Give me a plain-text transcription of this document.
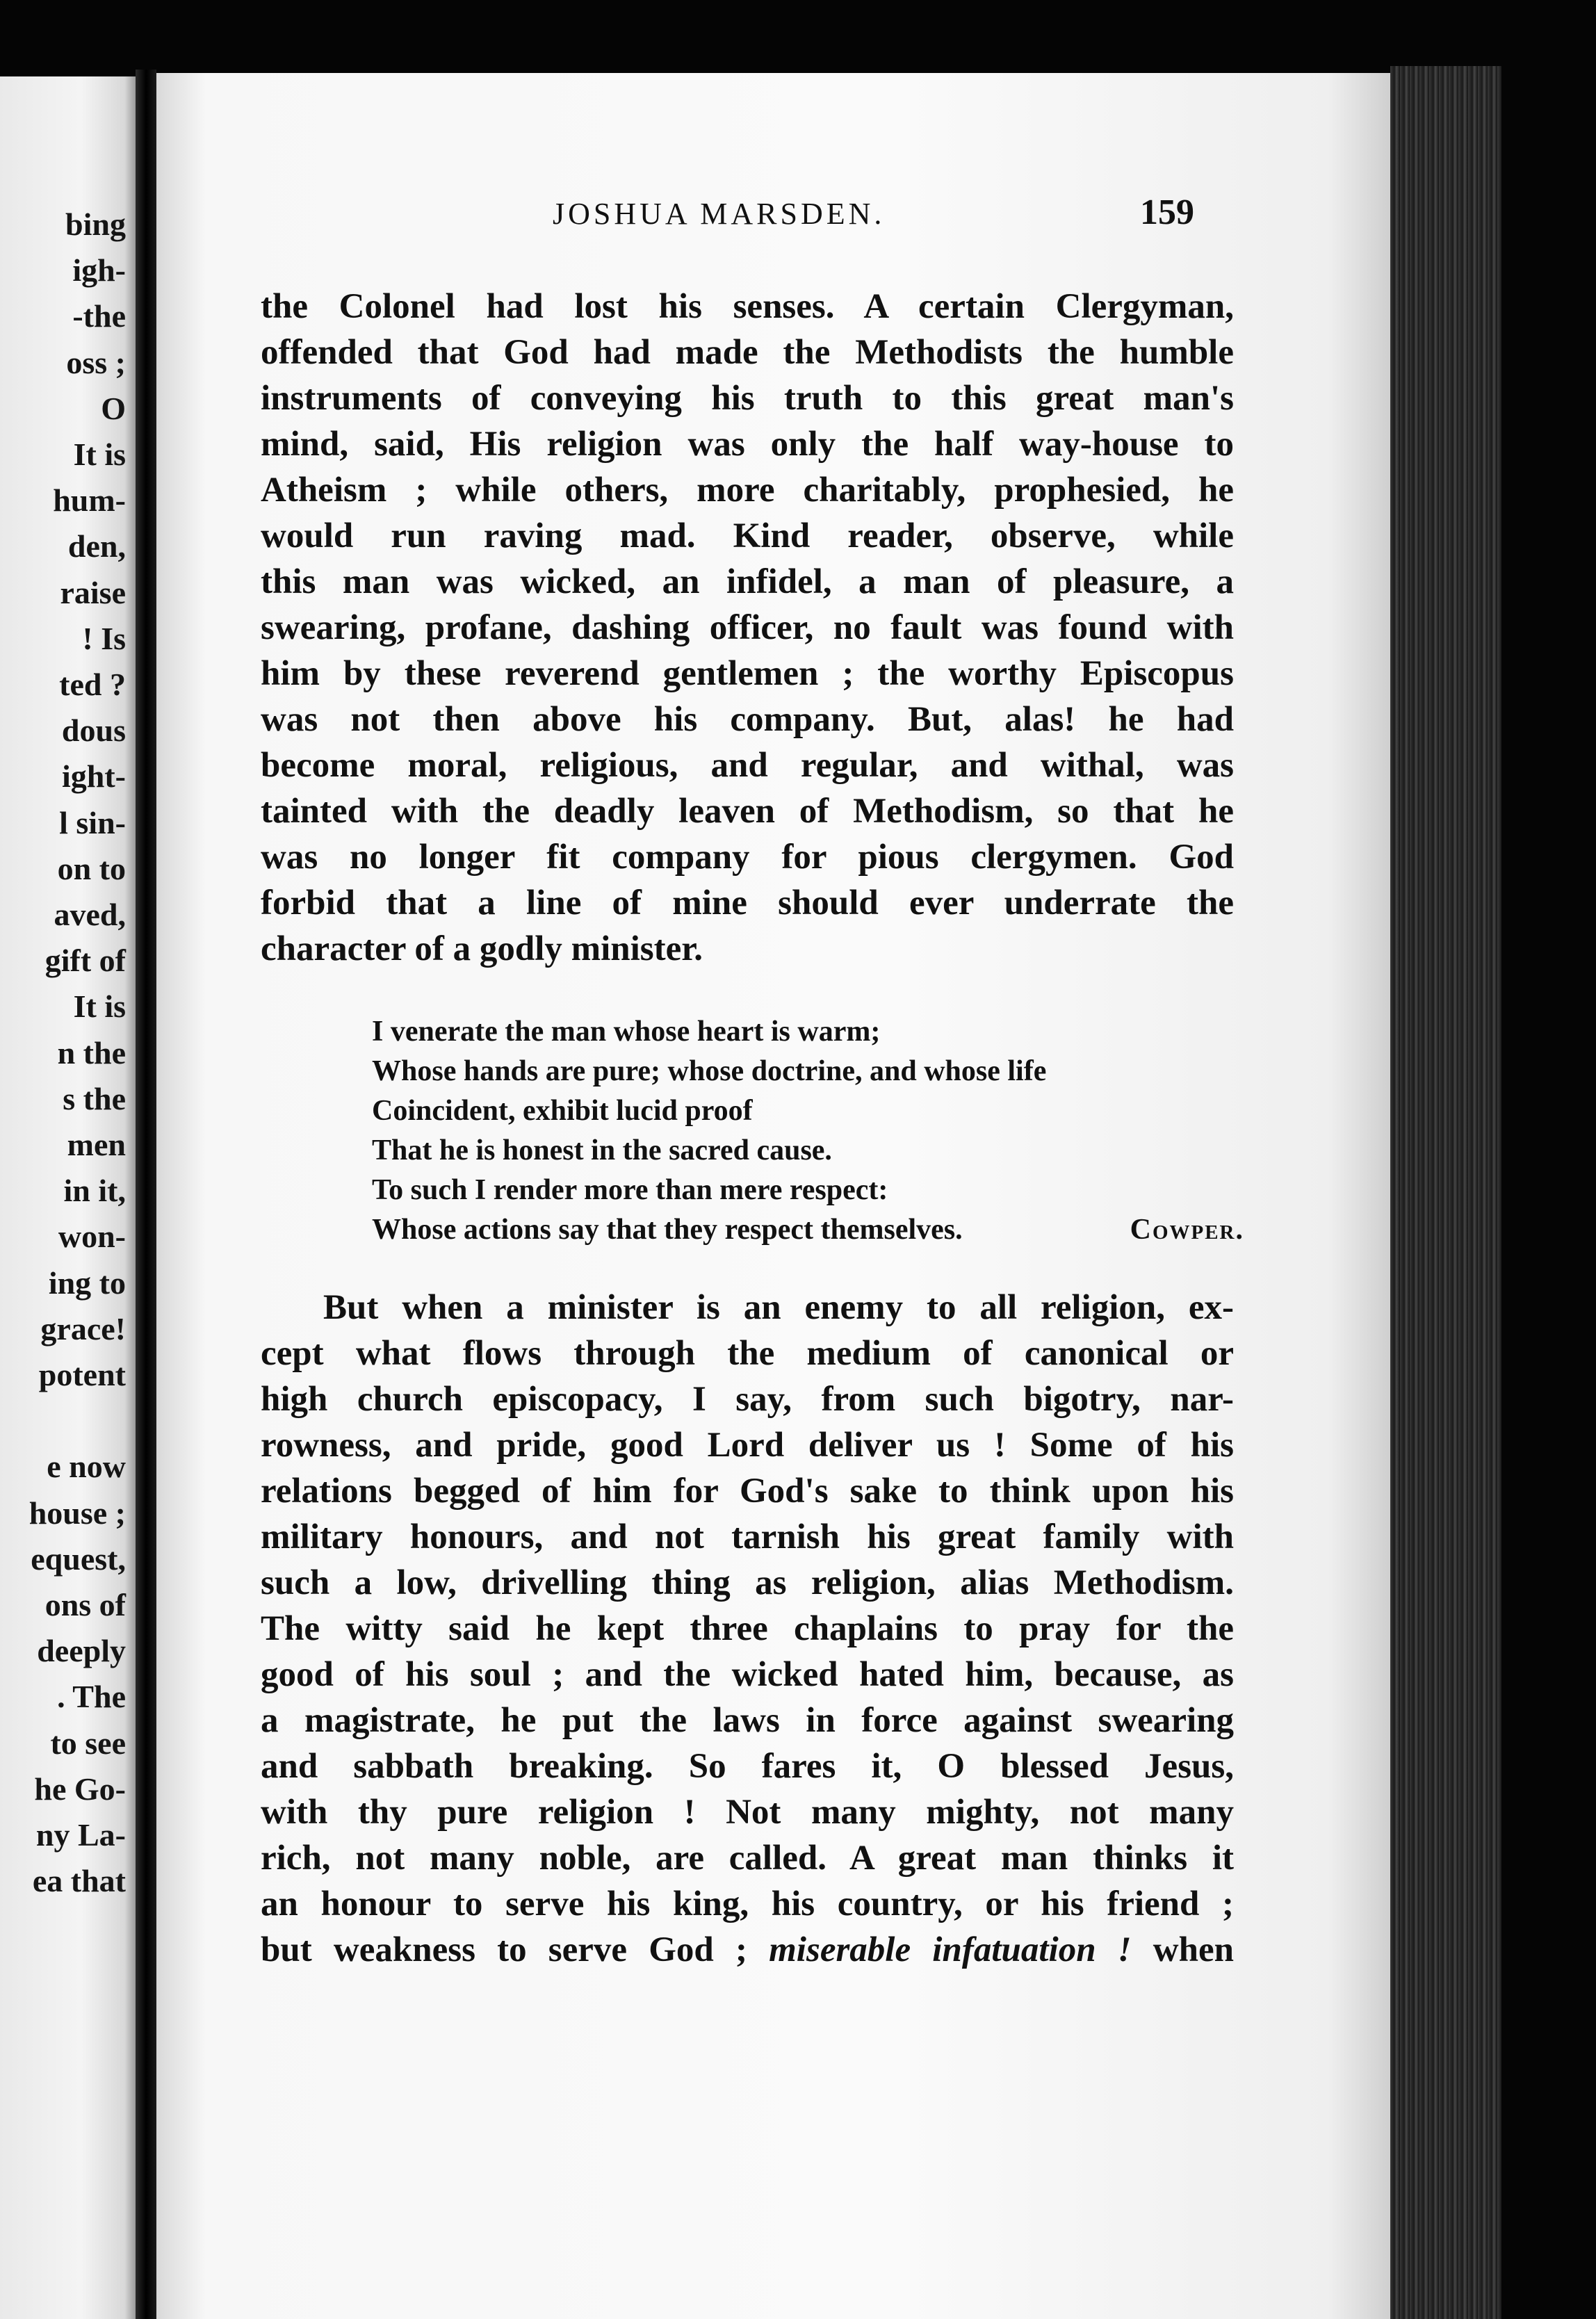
bing
igh-
-the
oss ;
O
It is
hum-
den,
raise
! Is
ted ?
dous
ight-
l sin-
on to
aved,
gift of
It is
n the
s the
men
in it,
won-
ing to
grace!
potent
e now
house ;
equest,
ons of
deeply
. The
to see
he Go-
ny La-
ea that
JOSHUA MARSDEN.	159
the Colonel had lost his senses. A certain Clergyman,
offended that God had made the Methodists the humble
instruments of conveying his truth to this great man's
mind, said, His religion was only the half way-house to
Atheism ; while others, more charitably, prophesied, he
would run raving mad. Kind reader, observe, while
this man was wicked, an infidel, a man of pleasure, a
swearing, profane, dashing officer, no fault was found with
him by these reverend gentlemen ; the worthy Episcopus
was not then above his company. But, alas! he had
become moral, religious, and regular, and withal, was
tainted with the deadly leaven of Methodism, so that he
was no longer fit company for pious clergymen. God
forbid that a line of mine should ever underrate the
character of a godly minister.
I venerate the man whose heart is warm;
Whose hands are pure; whose doctrine, and whose life
Coincident, exhibit lucid proof
That he is honest in the sacred cause.
To such I render more than mere respect:
Whose actions say that they respect themselves.	Cowper.
But when a minister is an enemy to all religion, ex-
cept what flows through the medium of canonical or
high church episcopacy, I say, from such bigotry, nar-
rowness, and pride, good Lord deliver us ! Some of his
relations begged of him for God's sake to think upon his
military honours, and not tarnish his great family with
such a low, drivelling thing as religion, alias Methodism.
The witty said he kept three chaplains to pray for the
good of his soul ; and the wicked hated him, because, as
a magistrate, he put the laws in force against swearing
and sabbath breaking. So fares it, O blessed Jesus,
with thy pure religion ! Not many mighty, not many
rich, not many noble, are called. A great man thinks it
an honour to serve his king, his country, or his friend ;
but weakness to serve God ; miserable infatuation ! when
